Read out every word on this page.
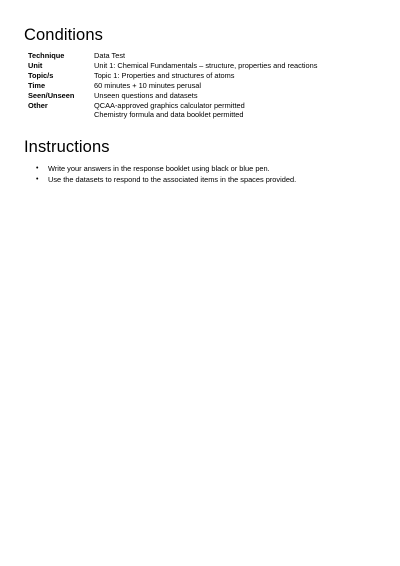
Conditions
Technique	Data Test
Unit	Unit 1: Chemical Fundamentals – structure, properties and reactions
Topic/s	Topic 1: Properties and structures of atoms
Time	60 minutes + 10 minutes perusal
Seen/Unseen	Unseen questions and datasets
Other	QCAA-approved graphics calculator permitted
Chemistry formula and data booklet permitted
Instructions
•	Write your answers in the response booklet using black or blue pen.
•	Use the datasets to respond to the associated items in the spaces provided.
